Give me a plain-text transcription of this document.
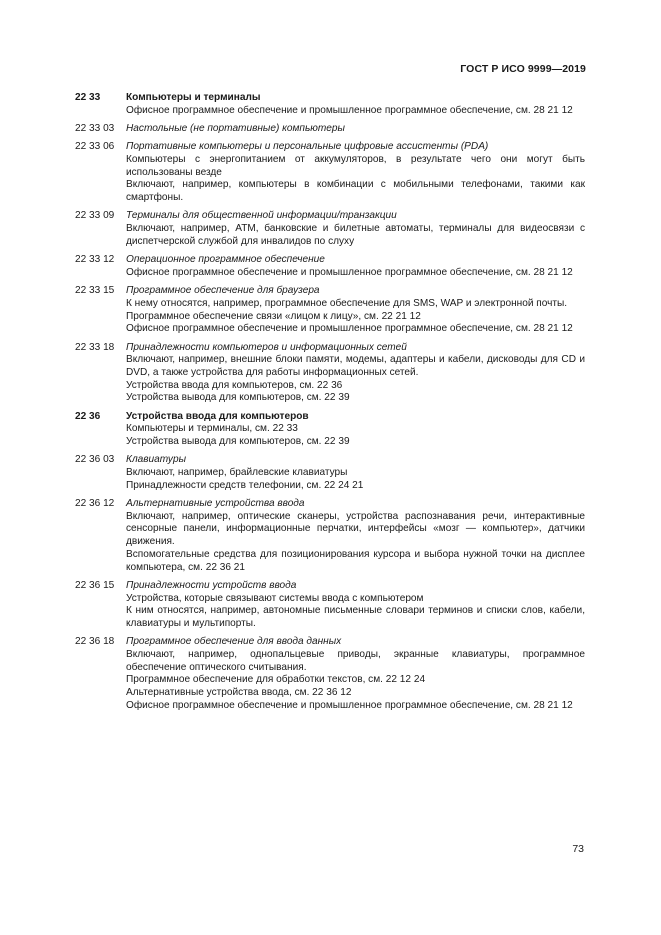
ГОСТ Р ИСО 9999—2019
22 33	Компьютеры и терминалы
Офисное программное обеспечение и промышленное программное обеспечение, см. 28 21 12
22 33 03	Настольные (не портативные) компьютеры
22 33 06	Портативные компьютеры и персональные цифровые ассистенты (PDA)
Компьютеры с энергопитанием от аккумуляторов, в результате чего они могут быть использованы везде
Включают, например, компьютеры в комбинации с мобильными телефонами, такими как смартфоны.
22 33 09	Терминалы для общественной информации/транзакции
Включают, например, ATM, банковские и билетные автоматы, терминалы для видеосвязи с диспетчерской службой для инвалидов по слуху
22 33 12	Операционное программное обеспечение
Офисное программное обеспечение и промышленное программное обеспечение, см. 28 21 12
22 33 15	Программное обеспечение для браузера
К нему относятся, например, программное обеспечение для SMS, WAP и электронной почты.
Программное обеспечение связи «лицом к лицу», см. 22 21 12
Офисное программное обеспечение и промышленное программное обеспечение, см. 28 21 12
22 33 18	Принадлежности компьютеров и информационных сетей
Включают, например, внешние блоки памяти, модемы, адаптеры и кабели, дисководы для CD и DVD, а также устройства для работы информационных сетей.
Устройства ввода для компьютеров, см. 22 36
Устройства вывода для компьютеров, см. 22 39
22 36	Устройства ввода для компьютеров
Компьютеры и терминалы, см. 22 33
Устройства вывода для компьютеров, см. 22 39
22 36 03	Клавиатуры
Включают, например, брайлевские клавиатуры
Принадлежности средств телефонии, см. 22 24 21
22 36 12	Альтернативные устройства ввода
Включают, например, оптические сканеры, устройства распознавания речи, интерактивные сенсорные панели, информационные перчатки, интерфейсы «мозг — компьютер», датчики движения.
Вспомогательные средства для позиционирования курсора и выбора нужной точки на дисплее компьютера, см. 22 36 21
22 36 15	Принадлежности устройств ввода
Устройства, которые связывают системы ввода с компьютером
К ним относятся, например, автономные письменные словари терминов и списки слов, кабели, клавиатуры и мультипорты.
22 36 18	Программное обеспечение для ввода данных
Включают, например, однопальцевые приводы, экранные клавиатуры, программное обеспечение оптического считывания.
Программное обеспечение для обработки текстов, см. 22 12 24
Альтернативные устройства ввода, см. 22 36 12
Офисное программное обеспечение и промышленное программное обеспечение, см. 28 21 12
73
